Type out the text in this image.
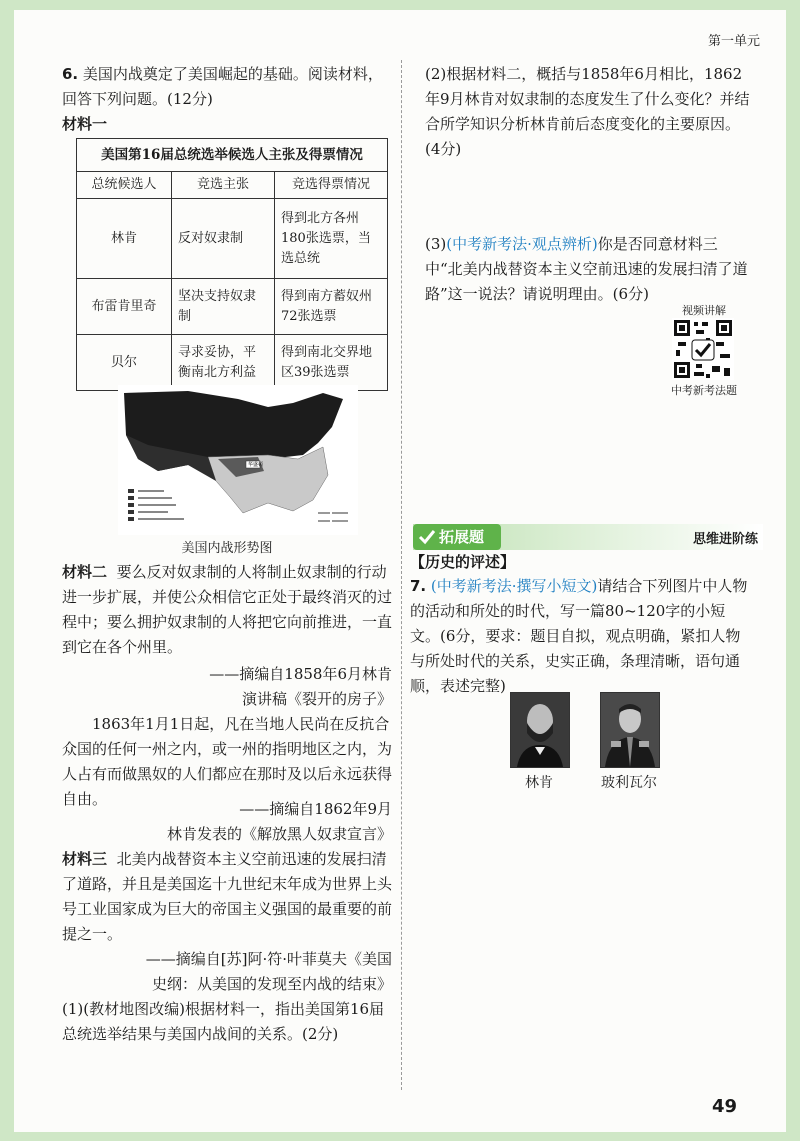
第一单元
6. 美国内战奠定了美国崛起的基础。阅读材料，回答下列问题。(12分)
材料一
美国第16届总统选举候选人主张及得票情况		
总统候选人	竞选主张	竞选得票情况
林肯	反对奴隶制	得到北方各州180张选票，当选总统
布雷肯里奇	坚决支持奴隶制	得到南方蓄奴州72张选票
贝尔	寻求妥协，平衡南北方利益	得到南北交界地区39张选票
华盛顿
美国内战形势图
材料二 要么反对奴隶制的人将制止奴隶制的行动进一步扩展，并使公众相信它正处于最终消灭的过程中；要么拥护奴隶制的人将把它向前推进，一直到它在各个州里。
——摘编自1858年6月林肯
演讲稿《裂开的房子》
1863年1月1日起，凡在当地人民尚在反抗合众国的任何一州之内，或一州的指明地区之内，为人占有而做黑奴的人们都应在那时及以后永远获得自由。
——摘编自1862年9月
林肯发表的《解放黑人奴隶宣言》
材料三 北美内战替资本主义空前迅速的发展扫清了道路，并且是美国迄十九世纪末年成为世界上头号工业国家成为巨大的帝国主义强国的最重要的前提之一。
——摘编自[苏]阿·符·叶菲莫夫《美国
史纲：从美国的发现至内战的结束》
(1)(教材地图改编)根据材料一，指出美国第16届总统选举结果与美国内战间的关系。(2分)
(2)根据材料二，概括与1858年6月相比，1862年9月林肯对奴隶制的态度发生了什么变化？并结合所学知识分析林肯前后态度变化的主要原因。(4分)
(3)(中考新考法·观点辨析)你是否同意材料三中“北美内战替资本主义空前迅速的发展扫清了道路”这一说法？请说明理由。(6分)
视频讲解
中考新考法题
拓展题	思维进阶练
【历史的评述】
7. (中考新考法·撰写小短文)请结合下列图片中人物的活动和所处的时代，写一篇80~120字的小短文。(6分，要求：题目自拟，观点明确，紧扣人物与所处时代的关系，史实正确，条理清晰，语句通顺，表述完整)
林肯	玻利瓦尔
49
